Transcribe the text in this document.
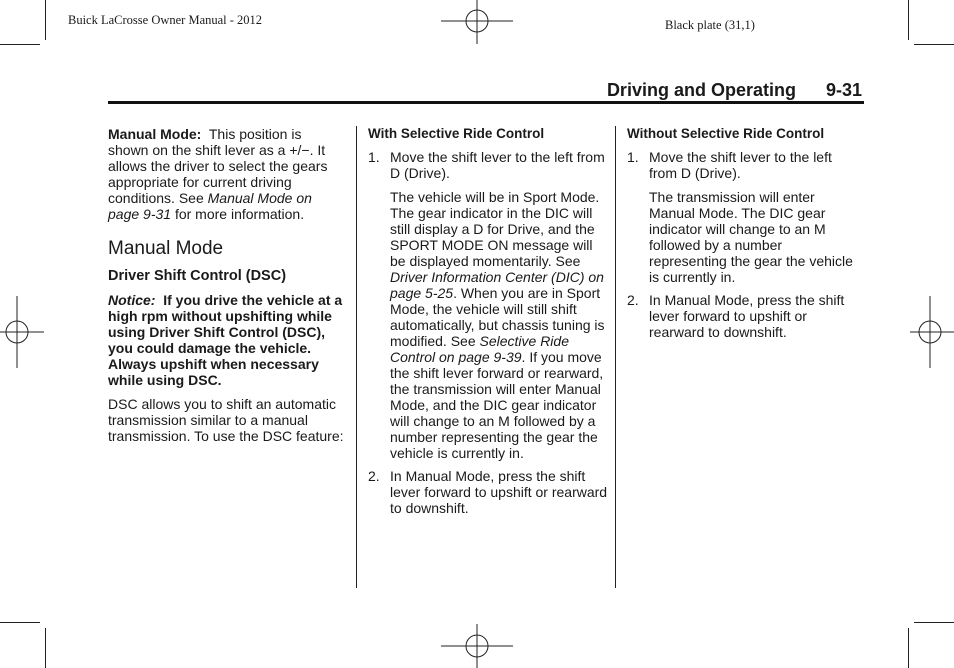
Buick LaCrosse Owner Manual - 2012	Black plate (31,1)
Driving and Operating 9-31

Manual Mode: This position is shown on the shift lever as a +/−. It allows the driver to select the gears appropriate for current driving conditions. See Manual Mode on page 9-31 for more information.

Manual Mode
Driver Shift Control (DSC)

Notice: If you drive the vehicle at a high rpm without upshifting while using Driver Shift Control (DSC), you could damage the vehicle. Always upshift when necessary while using DSC.

DSC allows you to shift an automatic transmission similar to a manual transmission. To use the DSC feature:

With Selective Ride Control
1. Move the shift lever to the left from D (Drive).
The vehicle will be in Sport Mode. The gear indicator in the DIC will still display a D for Drive, and the SPORT MODE ON message will be displayed momentarily. See Driver Information Center (DIC) on page 5-25. When you are in Sport Mode, the vehicle will still shift automatically, but chassis tuning is modified. See Selective Ride Control on page 9-39. If you move the shift lever forward or rearward, the transmission will enter Manual Mode, and the DIC gear indicator will change to an M followed by a number representing the gear the vehicle is currently in.
2. In Manual Mode, press the shift lever forward to upshift or rearward to downshift.
Without Selective Ride Control
1. Move the shift lever to the left from D (Drive).
The transmission will enter Manual Mode. The DIC gear indicator will change to an M followed by a number representing the gear the vehicle is currently in.
2. In Manual Mode, press the shift lever forward to upshift or rearward to downshift.
